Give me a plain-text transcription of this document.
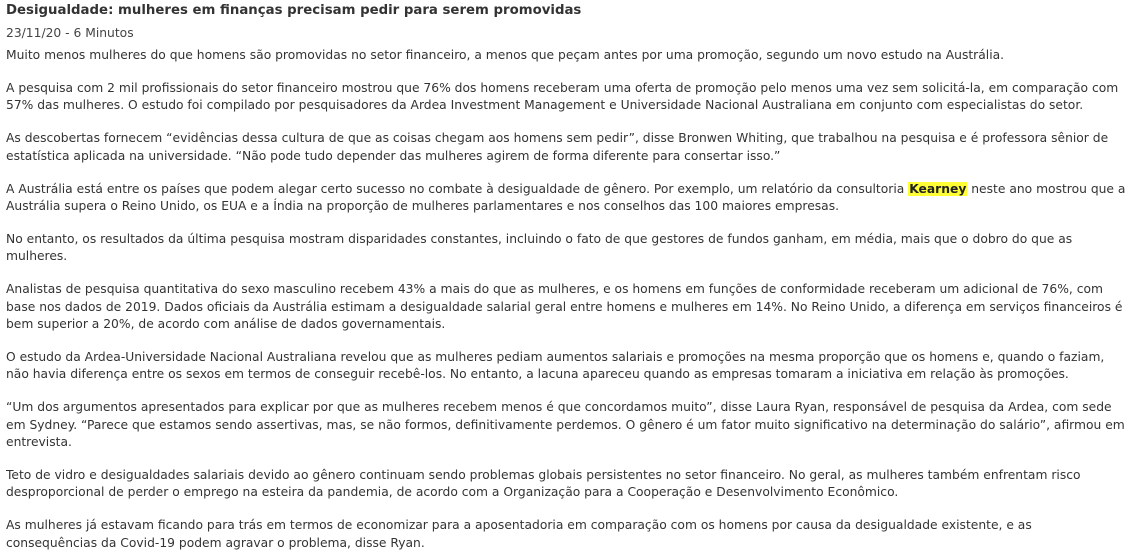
Desigualdade: mulheres em finanças precisam pedir para serem promovidas
23/11/20 - 6 Minutos

Muito menos mulheres do que homens são promovidas no setor financeiro, a menos que peçam antes por uma promoção, segundo um novo estudo na Austrália.

A pesquisa com 2 mil profissionais do setor financeiro mostrou que 76% dos homens receberam uma oferta de promoção pelo menos uma vez sem solicitá-la, em comparação com 57% das mulheres. O estudo foi compilado por pesquisadores da Ardea Investment Management e Universidade Nacional Australiana em conjunto com especialistas do setor.

As descobertas fornecem “evidências dessa cultura de que as coisas chegam aos homens sem pedir”, disse Bronwen Whiting, que trabalhou na pesquisa e é professora sênior de estatística aplicada na universidade. “Não pode tudo depender das mulheres agirem de forma diferente para consertar isso.”

A Austrália está entre os países que podem alegar certo sucesso no combate à desigualdade de gênero. Por exemplo, um relatório da consultoria Kearney neste ano mostrou que a Austrália supera o Reino Unido, os EUA e a Índia na proporção de mulheres parlamentares e nos conselhos das 100 maiores empresas.

No entanto, os resultados da última pesquisa mostram disparidades constantes, incluindo o fato de que gestores de fundos ganham, em média, mais que o dobro do que as mulheres.

Analistas de pesquisa quantitativa do sexo masculino recebem 43% a mais do que as mulheres, e os homens em funções de conformidade receberam um adicional de 76%, com base nos dados de 2019. Dados oficiais da Austrália estimam a desigualdade salarial geral entre homens e mulheres em 14%. No Reino Unido, a diferença em serviços financeiros é bem superior a 20%, de acordo com análise de dados governamentais.

O estudo da Ardea-Universidade Nacional Australiana revelou que as mulheres pediam aumentos salariais e promoções na mesma proporção que os homens e, quando o faziam, não havia diferença entre os sexos em termos de conseguir recebê-los. No entanto, a lacuna apareceu quando as empresas tomaram a iniciativa em relação às promoções.

“Um dos argumentos apresentados para explicar por que as mulheres recebem menos é que concordamos muito”, disse Laura Ryan, responsável de pesquisa da Ardea, com sede em Sydney. “Parece que estamos sendo assertivas, mas, se não formos, definitivamente perdemos. O gênero é um fator muito significativo na determinação do salário”, afirmou em entrevista.

Teto de vidro e desigualdades salariais devido ao gênero continuam sendo problemas globais persistentes no setor financeiro. No geral, as mulheres também enfrentam risco desproporcional de perder o emprego na esteira da pandemia, de acordo com a Organização para a Cooperação e Desenvolvimento Econômico.

As mulheres já estavam ficando para trás em termos de economizar para a aposentadoria em comparação com os homens por causa da desigualdade existente, e as consequências da Covid-19 podem agravar o problema, disse Ryan.
